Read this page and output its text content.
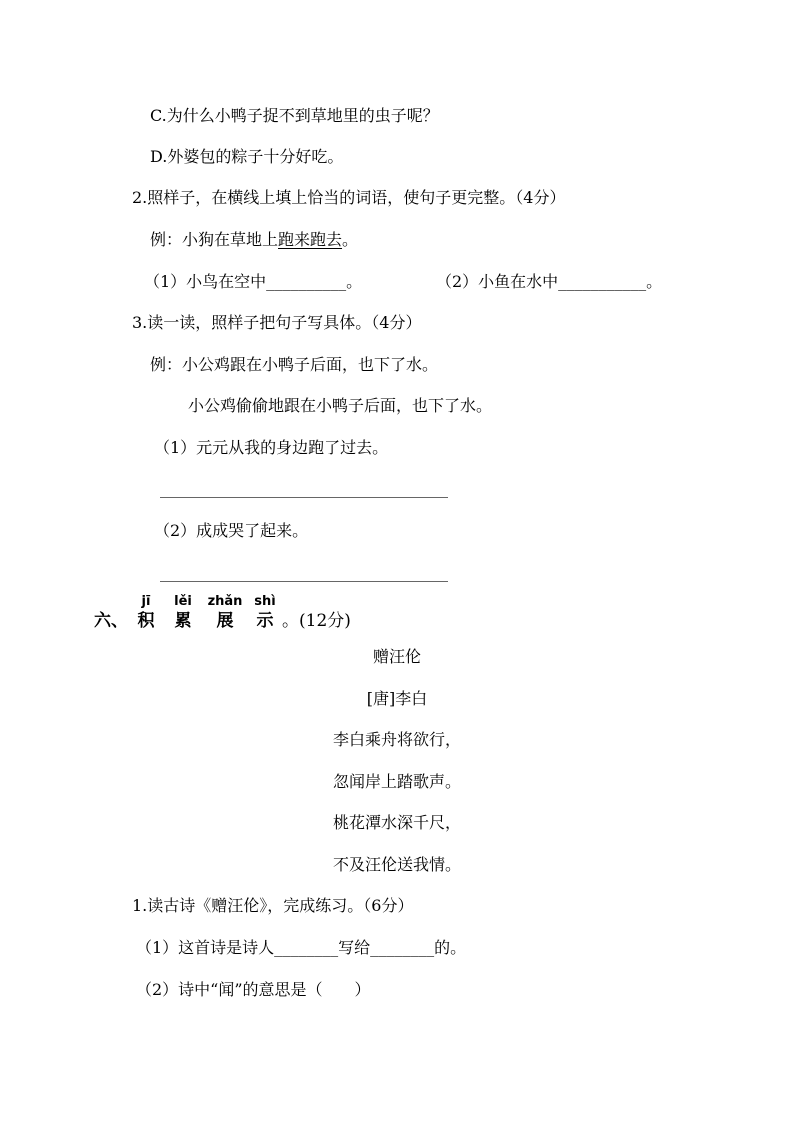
C.为什么小鸭子捉不到草地里的虫子呢？
D.外婆包的粽子十分好吃。
2.照样子，在横线上填上恰当的词语，使句子更完整。（4分）
例：小狗在草地上跑来跑去。
（1）小鸟在空中__________。	（2）小鱼在水中___________。
3.读一读，照样子把句子写具体。（4分）
例：小公鸡跟在小鸭子后面，也下了水。
小公鸡偷偷地跟在小鸭子后面，也下了水。
（1）元元从我的身边跑了过去。
____________________________________
（2）成成哭了起来。
____________________________________

六、
jī
积
lěi
累
zhǎn
展
shì
示
。(12分)
赠汪伦
[唐]李白
李白乘舟将欲行，
忽闻岸上踏歌声。
桃花潭水深千尺，
不及汪伦送我情。
1.读古诗《赠汪伦》，完成练习。（6分）
（1）这首诗是诗人________写给________的。
（2）诗中“闻”的意思是（　　）
